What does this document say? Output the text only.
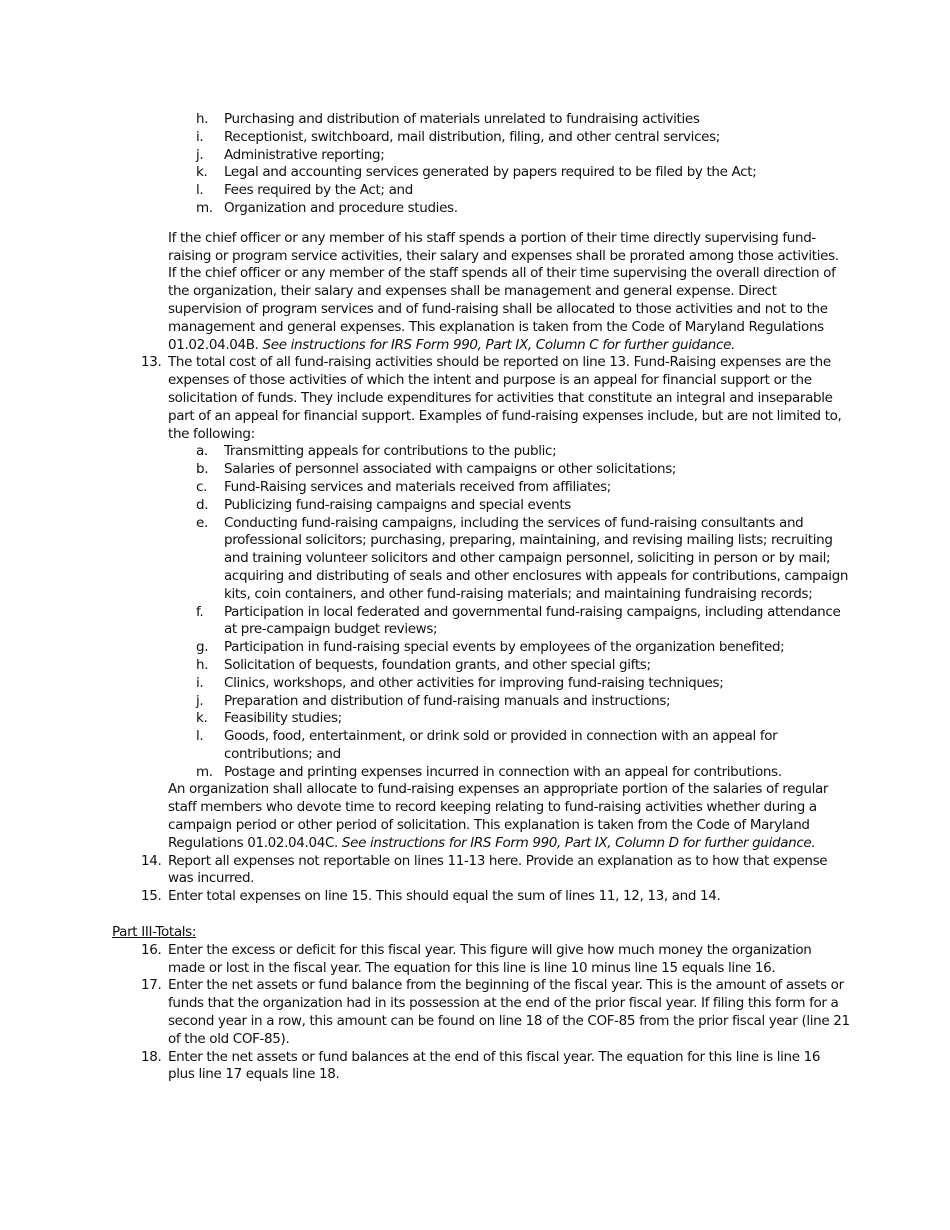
h. Purchasing and distribution of materials unrelated to fundraising activities
i. Receptionist, switchboard, mail distribution, filing, and other central services;
j. Administrative reporting;
k. Legal and accounting services generated by papers required to be filed by the Act;
l. Fees required by the Act; and
m. Organization and procedure studies.
If the chief officer or any member of his staff spends a portion of their time directly supervising fund-raising or program service activities, their salary and expenses shall be prorated among those activities. If the chief officer or any member of the staff spends all of their time supervising the overall direction of the organization, their salary and expenses shall be management and general expense. Direct supervision of program services and of fund-raising shall be allocated to those activities and not to the management and general expenses. This explanation is taken from the Code of Maryland Regulations 01.02.04.04B. See instructions for IRS Form 990, Part IX, Column C for further guidance.
13. The total cost of all fund-raising activities should be reported on line 13. Fund-Raising expenses are the expenses of those activities of which the intent and purpose is an appeal for financial support or the solicitation of funds. They include expenditures for activities that constitute an integral and inseparable part of an appeal for financial support. Examples of fund-raising expenses include, but are not limited to, the following:
a. Transmitting appeals for contributions to the public;
b. Salaries of personnel associated with campaigns or other solicitations;
c. Fund-Raising services and materials received from affiliates;
d. Publicizing fund-raising campaigns and special events
e. Conducting fund-raising campaigns, including the services of fund-raising consultants and professional solicitors; purchasing, preparing, maintaining, and revising mailing lists; recruiting and training volunteer solicitors and other campaign personnel, soliciting in person or by mail; acquiring and distributing of seals and other enclosures with appeals for contributions, campaign kits, coin containers, and other fund-raising materials; and maintaining fundraising records;
f. Participation in local federated and governmental fund-raising campaigns, including attendance at pre-campaign budget reviews;
g. Participation in fund-raising special events by employees of the organization benefited;
h. Solicitation of bequests, foundation grants, and other special gifts;
i. Clinics, workshops, and other activities for improving fund-raising techniques;
j. Preparation and distribution of fund-raising manuals and instructions;
k. Feasibility studies;
l. Goods, food, entertainment, or drink sold or provided in connection with an appeal for contributions; and
m. Postage and printing expenses incurred in connection with an appeal for contributions.
An organization shall allocate to fund-raising expenses an appropriate portion of the salaries of regular staff members who devote time to record keeping relating to fund-raising activities whether during a campaign period or other period of solicitation. This explanation is taken from the Code of Maryland Regulations 01.02.04.04C. See instructions for IRS Form 990, Part IX, Column D for further guidance.
14. Report all expenses not reportable on lines 11-13 here. Provide an explanation as to how that expense was incurred.
15. Enter total expenses on line 15. This should equal the sum of lines 11, 12, 13, and 14.
Part III-Totals:
16. Enter the excess or deficit for this fiscal year. This figure will give how much money the organization made or lost in the fiscal year. The equation for this line is line 10 minus line 15 equals line 16.
17. Enter the net assets or fund balance from the beginning of the fiscal year. This is the amount of assets or funds that the organization had in its possession at the end of the prior fiscal year. If filing this form for a second year in a row, this amount can be found on line 18 of the COF-85 from the prior fiscal year (line 21 of the old COF-85).
18. Enter the net assets or fund balances at the end of this fiscal year. The equation for this line is line 16 plus line 17 equals line 18.
